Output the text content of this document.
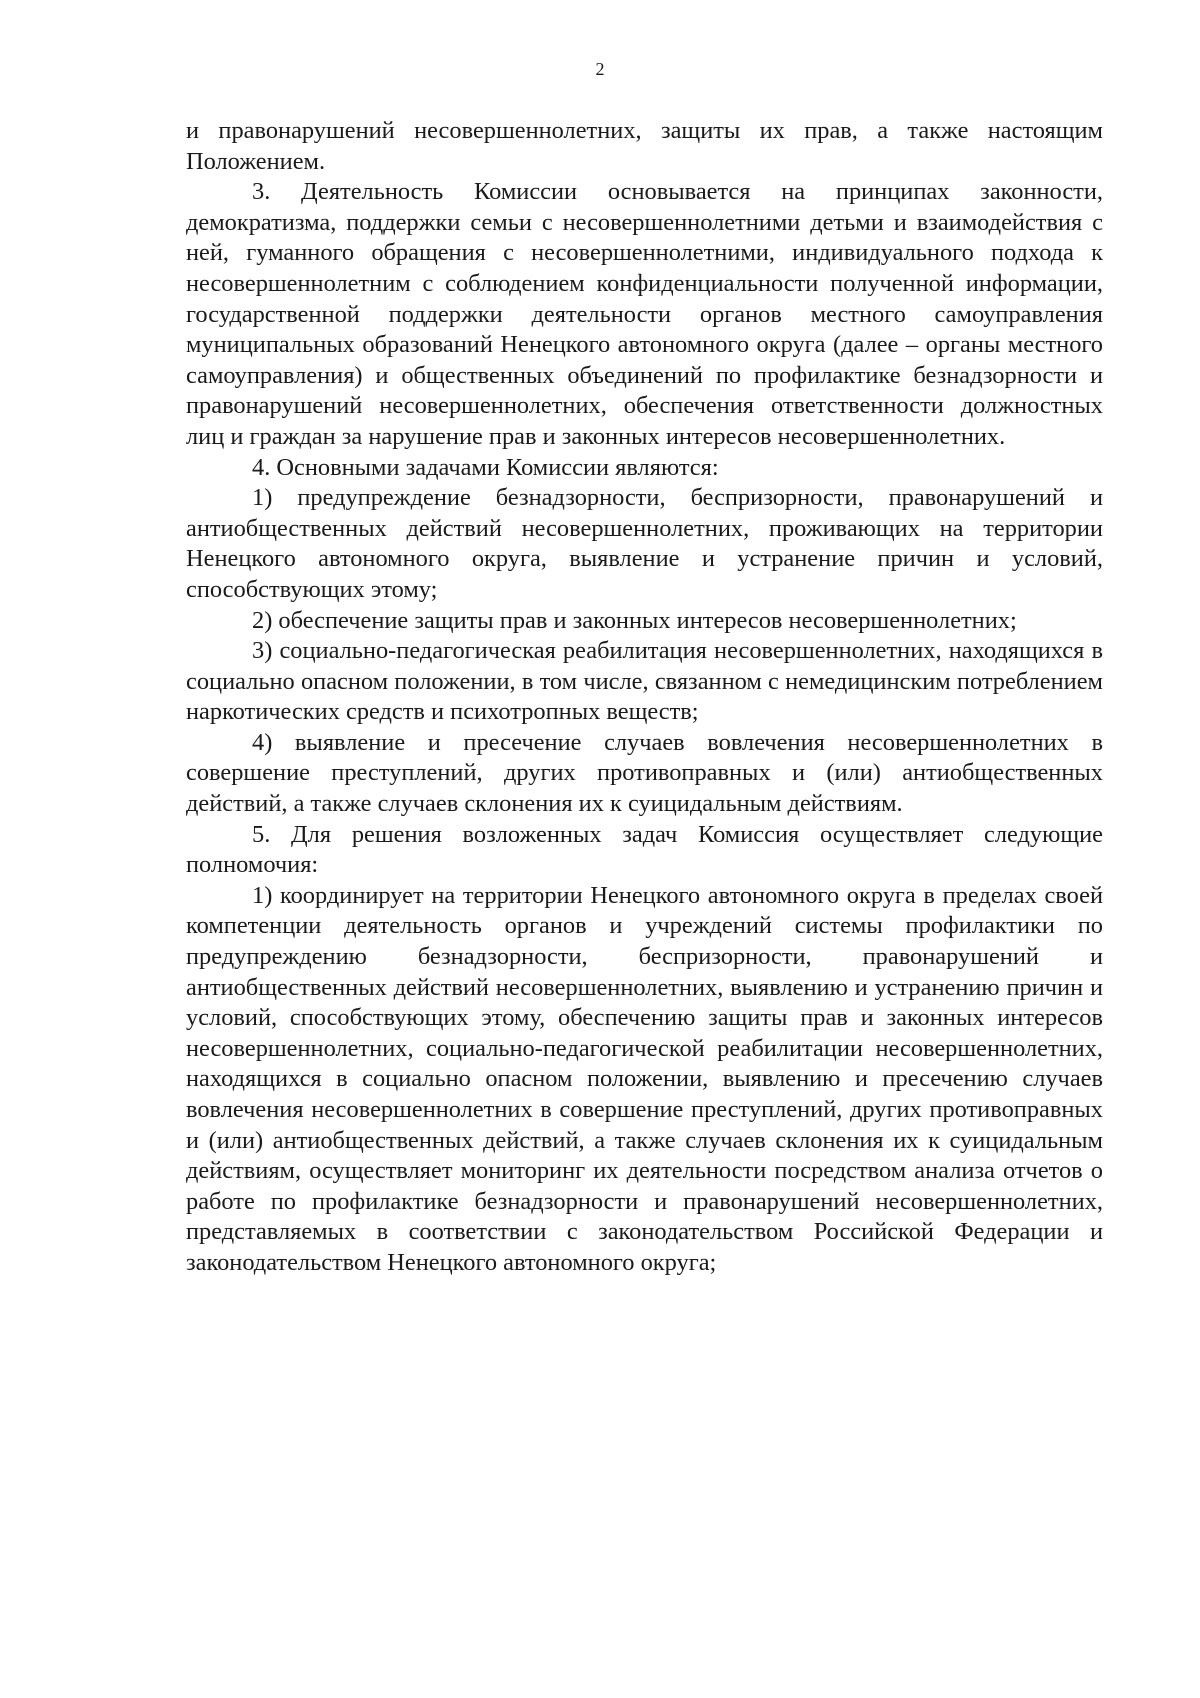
2

и правонарушений несовершеннолетних, защиты их прав, а также настоящим Положением.

3. Деятельность Комиссии основывается на принципах законности, демократизма, поддержки семьи с несовершеннолетними детьми и взаимодействия с ней, гуманного обращения с несовершеннолетними, индивидуального подхода к несовершеннолетним с соблюдением конфиденциальности полученной информации, государственной поддержки деятельности органов местного самоуправления муниципальных образований Ненецкого автономного округа (далее – органы местного самоуправления) и общественных объединений по профилактике безнадзорности и правонарушений несовершеннолетних, обеспечения ответственности должностных лиц и граждан за нарушение прав и законных интересов несовершеннолетних.

4. Основными задачами Комиссии являются:

1) предупреждение безнадзорности, беспризорности, правонарушений и антиобщественных действий несовершеннолетних, проживающих на территории Ненецкого автономного округа, выявление и устранение причин и условий, способствующих этому;

2) обеспечение защиты прав и законных интересов несовершеннолетних;

3) социально-педагогическая реабилитация несовершеннолетних, находящихся в социально опасном положении, в том числе, связанном с немедицинским потреблением наркотических средств и психотропных веществ;

4) выявление и пресечение случаев вовлечения несовершеннолетних в совершение преступлений, других противоправных и (или) антиобщественных действий, а также случаев склонения их к суицидальным действиям.

5. Для решения возложенных задач Комиссия осуществляет следующие полномочия:

1) координирует на территории Ненецкого автономного округа в пределах своей компетенции деятельность органов и учреждений системы профилактики по предупреждению безнадзорности, беспризорности, правонарушений и антиобщественных действий несовершеннолетних, выявлению и устранению причин и условий, способствующих этому, обеспечению защиты прав и законных интересов несовершеннолетних, социально-педагогической реабилитации несовершеннолетних, находящихся в социально опасном положении, выявлению и пресечению случаев вовлечения несовершеннолетних в совершение преступлений, других противоправных и (или) антиобщественных действий, а также случаев склонения их к суицидальным действиям, осуществляет мониторинг их деятельности посредством анализа отчетов о работе по профилактике безнадзорности и правонарушений несовершеннолетних, представляемых в соответствии с законодательством Российской Федерации и законодательством Ненецкого автономного округа;
